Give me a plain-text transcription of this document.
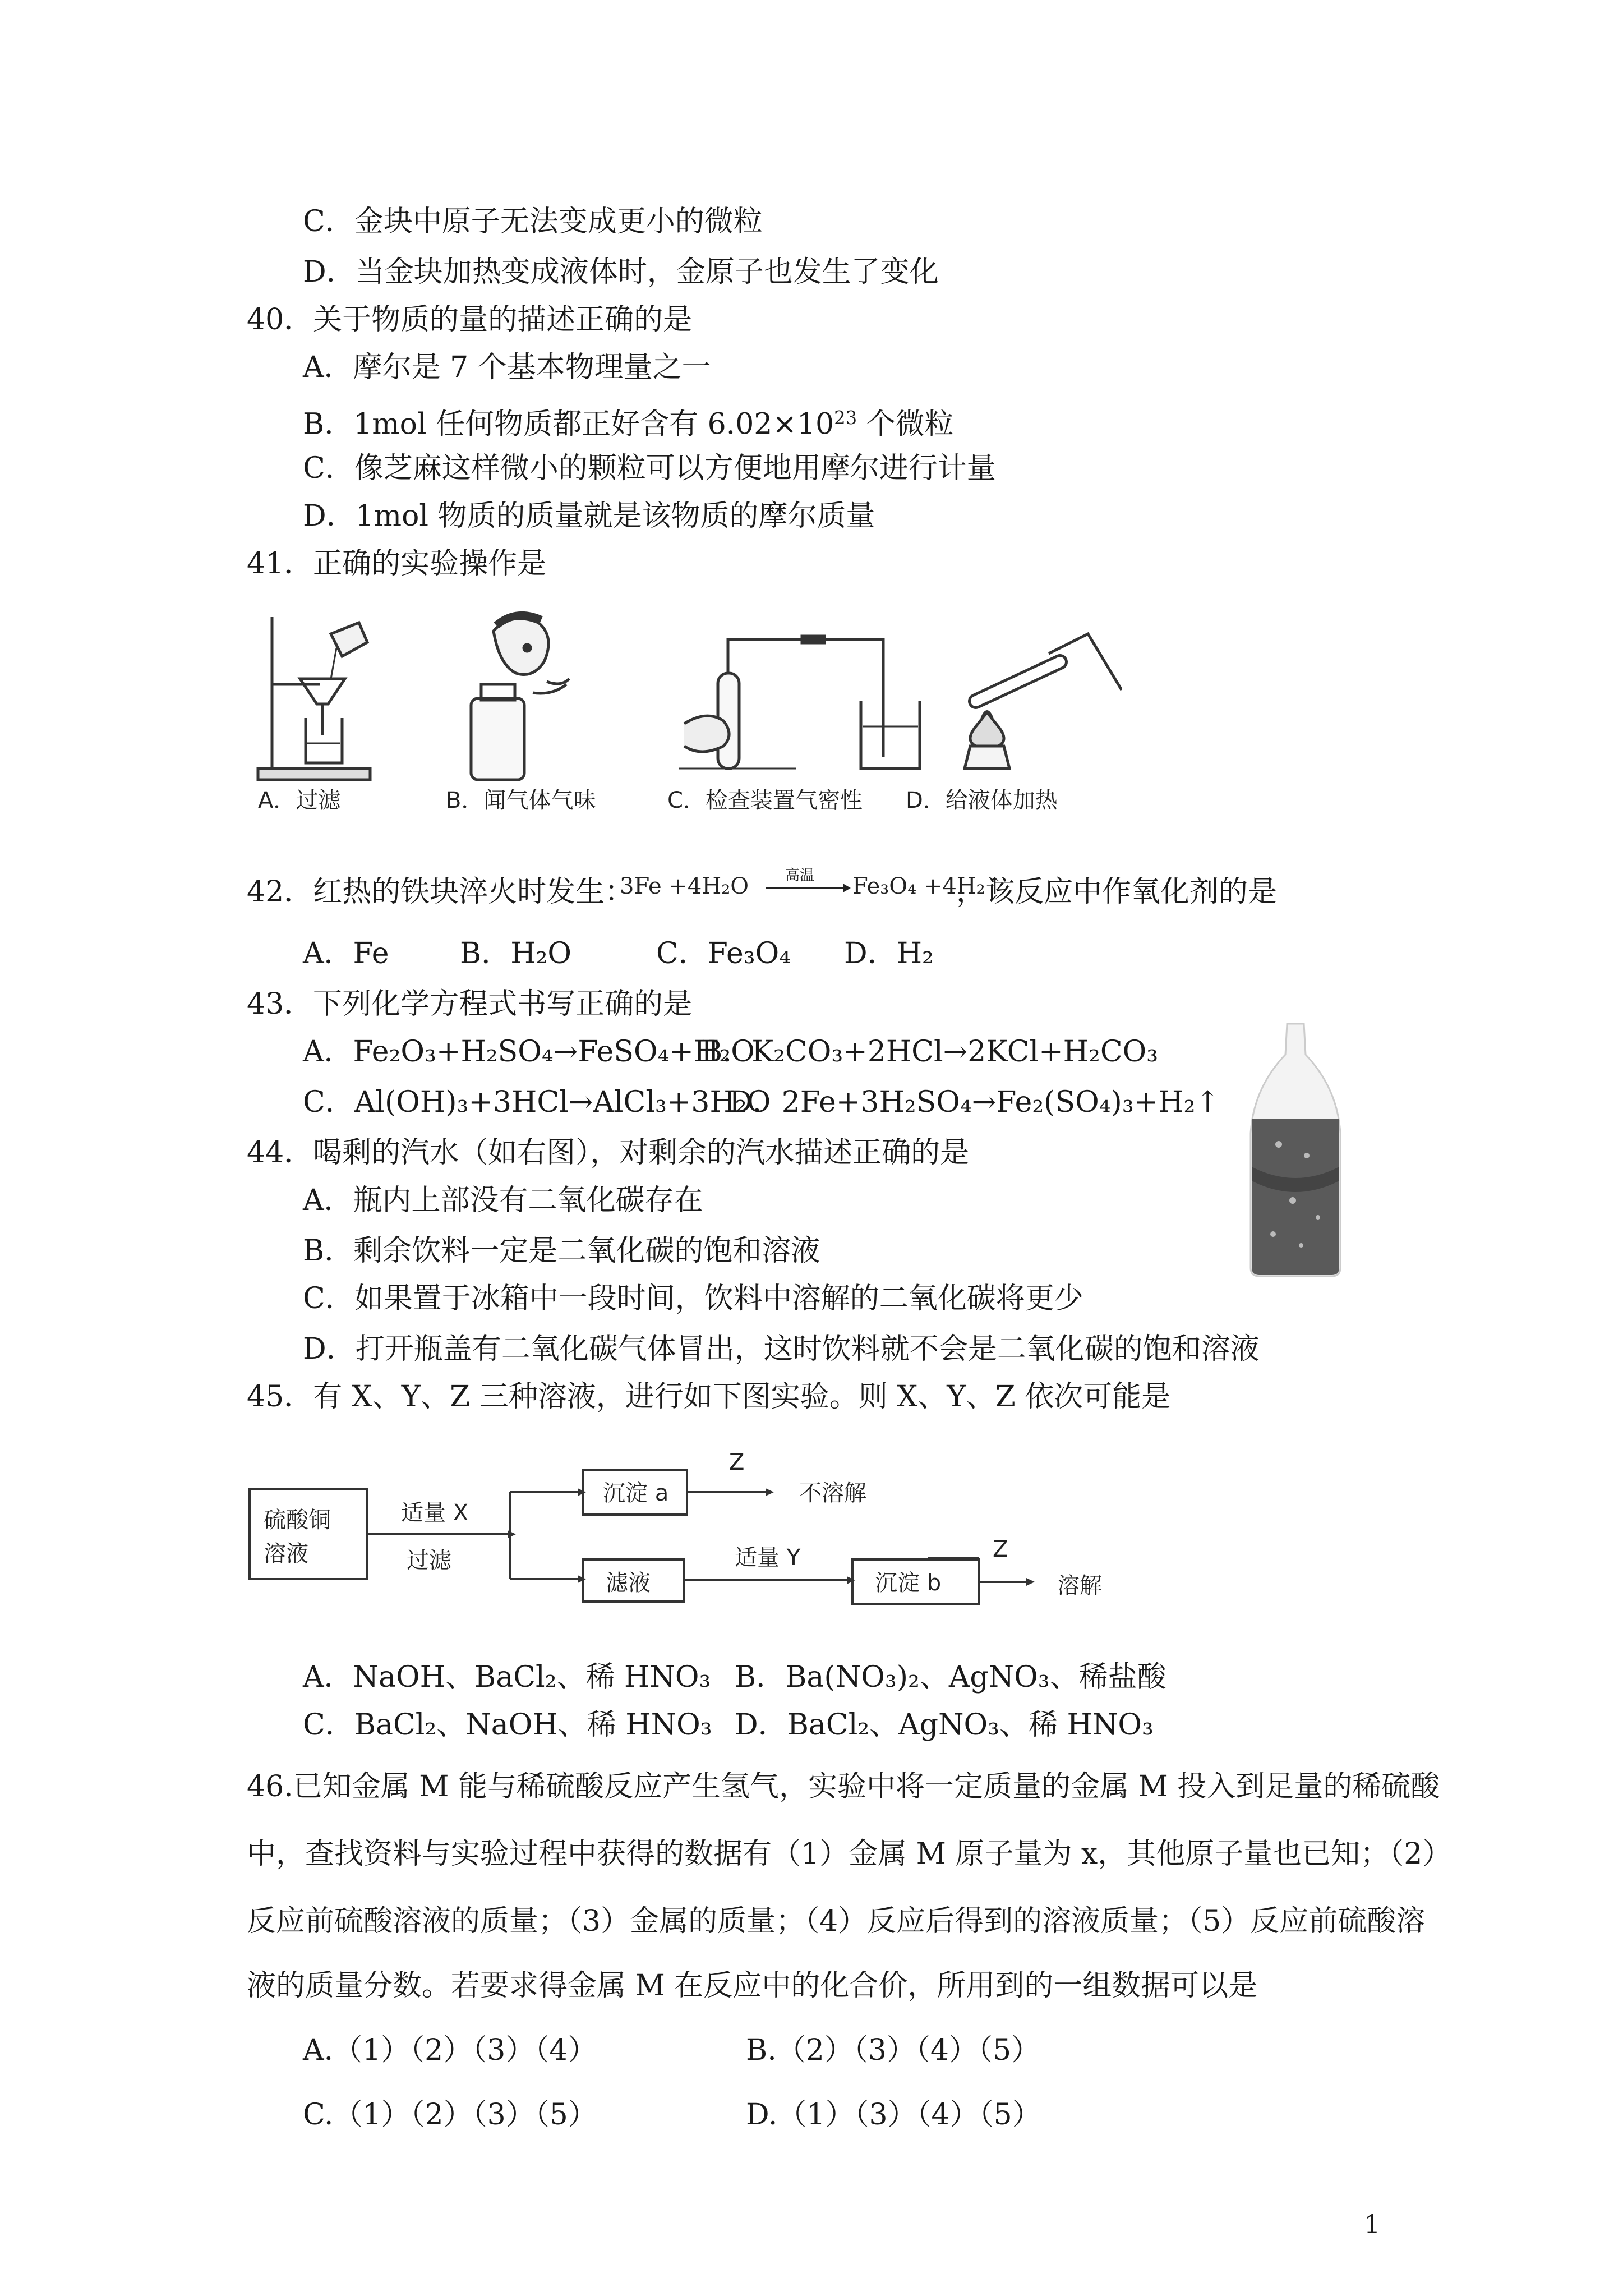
C．金块中原子无法变成更小的微粒
D．当金块加热变成液体时，金原子也发生了变化
40．关于物质的量的描述正确的是
A．摩尔是 7 个基本物理量之一
B．1mol 任何物质都正好含有 $6.02\times 10^{23}$ 个微粒
C．像芝麻这样微小的颗粒可以方便地用摩尔进行计量
D．1mol 物质的质量就是该物质的摩尔质量
41．正确的实验操作是
A．过滤	B．闻气体气味	C．检查装置气密性 D．给液体加热
42．红热的铁块淬火时发生：
3Fe +4H₂O 高温 Fe₃O₄ +4H₂↑
，该反应中作氧化剂的是
A．Fe B．H₂O	C．Fe₃O₄ D．H₂
43．下列化学方程式书写正确的是
A．Fe₂O₃+H₂SO₄→FeSO₄+H₂O
B．K₂CO₃+2HCl→2KCl+H₂CO₃
C．Al(OH)₃+3HCl→AlCl₃+3H₂O
D．2Fe+3H₂SO₄→Fe₂(SO₄)₃+H₂↑
44．喝剩的汽水（如右图），对剩余的汽水描述正确的是
A．瓶内上部没有二氧化碳存在
B．剩余饮料一定是二氧化碳的饱和溶液
C．如果置于冰箱中一段时间，饮料中溶解的二氧化碳将更少
D．打开瓶盖有二氧化碳气体冒出，这时饮料就不会是二氧化碳的饱和溶液
45．有 X、Y、Z 三种溶液，进行如下图实验。则 X、Y、Z 依次可能是
硫酸铜
溶液
适量 X
过滤
沉淀 a
Z
不溶解
滤液
适量 Y
沉淀 b
Z
溶解
A．NaOH、BaCl₂、稀 HNO₃ B．Ba(NO₃)₂、AgNO₃、稀盐酸
C．BaCl₂、NaOH、稀 HNO₃ D．BaCl₂、AgNO₃、稀 HNO₃
46.已知金属 M 能与稀硫酸反应产生氢气，实验中将一定质量的金属 M 投入到足量的稀硫酸
中，查找资料与实验过程中获得的数据有（1）金属 M 原子量为 x，其他原子量也已知；（2）
反应前硫酸溶液的质量；（3）金属的质量；（4）反应后得到的溶液质量；（5）反应前硫酸溶
液的质量分数。若要求得金属 M 在反应中的化合价，所用到的一组数据可以是
A.（1）（2）（3）（4）	B.（2）（3）（4）（5）
C.（1）（2）（3）（5）	D.（1）（3）（4）（5）
1
